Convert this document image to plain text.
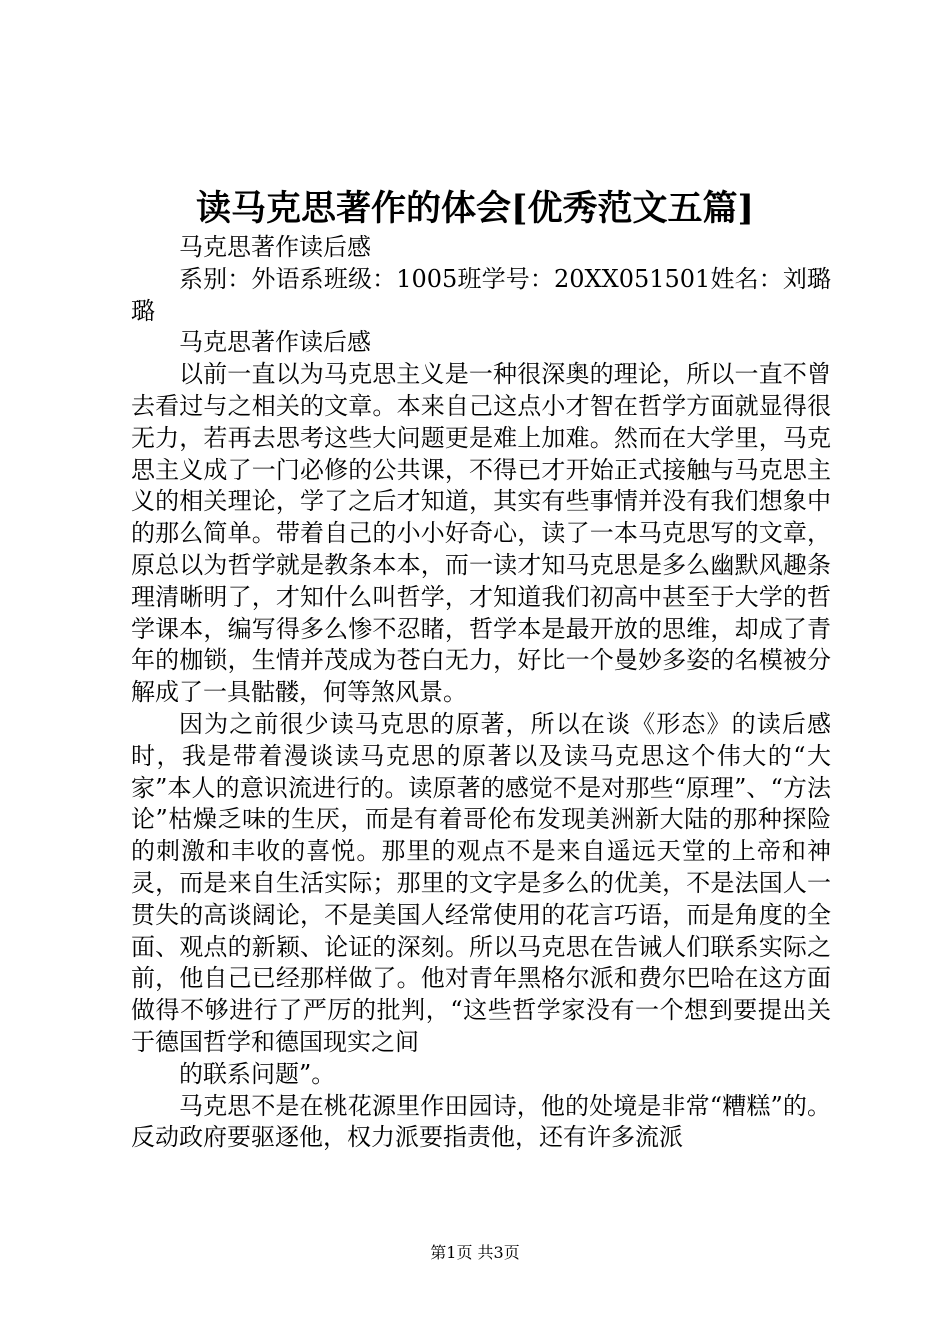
读马克思著作的体会[优秀范文五篇]

马克思著作读后感

系别：外语系班级：1005班学号：20XX051501姓名：刘璐璐

马克思著作读后感

以前一直以为马克思主义是一种很深奥的理论，所以一直不曾去看过与之相关的文章。本来自己这点小才智在哲学方面就显得很无力，若再去思考这些大问题更是难上加难。然而在大学里，马克思主义成了一门必修的公共课，不得已才开始正式接触与马克思主义的相关理论，学了之后才知道，其实有些事情并没有我们想象中的那么简单。带着自己的小小好奇心，读了一本马克思写的文章，原总以为哲学就是教条本本，而一读才知马克思是多么幽默风趣条理清晰明了，才知什么叫哲学，才知道我们初高中甚至于大学的哲学课本，编写得多么惨不忍睹，哲学本是最开放的思维，却成了青年的枷锁，生情并茂成为苍白无力，好比一个曼妙多姿的名模被分解成了一具骷髅，何等煞风景。

因为之前很少读马克思的原著，所以在谈《形态》的读后感时，我是带着漫谈读马克思的原著以及读马克思这个伟大的“大家”本人的意识流进行的。读原著的感觉不是对那些“原理”、“方法论”枯燥乏味的生厌，而是有着哥伦布发现美洲新大陆的那种探险的刺激和丰收的喜悦。那里的观点不是来自遥远天堂的上帝和神灵，而是来自生活实际；那里的文字是多么的优美，不是法国人一贯失的高谈阔论，不是美国人经常使用的花言巧语，而是角度的全面、观点的新颖、论证的深刻。所以马克思在告诫人们联系实际之前，他自己已经那样做了。他对青年黑格尔派和费尔巴哈在这方面做得不够进行了严厉的批判，“这些哲学家没有一个想到要提出关于德国哲学和德国现实之间

的联系问题”。

马克思不是在桃花源里作田园诗，他的处境是非常“糟糕”的。反动政府要驱逐他，权力派要指责他，还有许多流派

第1页 共3页
